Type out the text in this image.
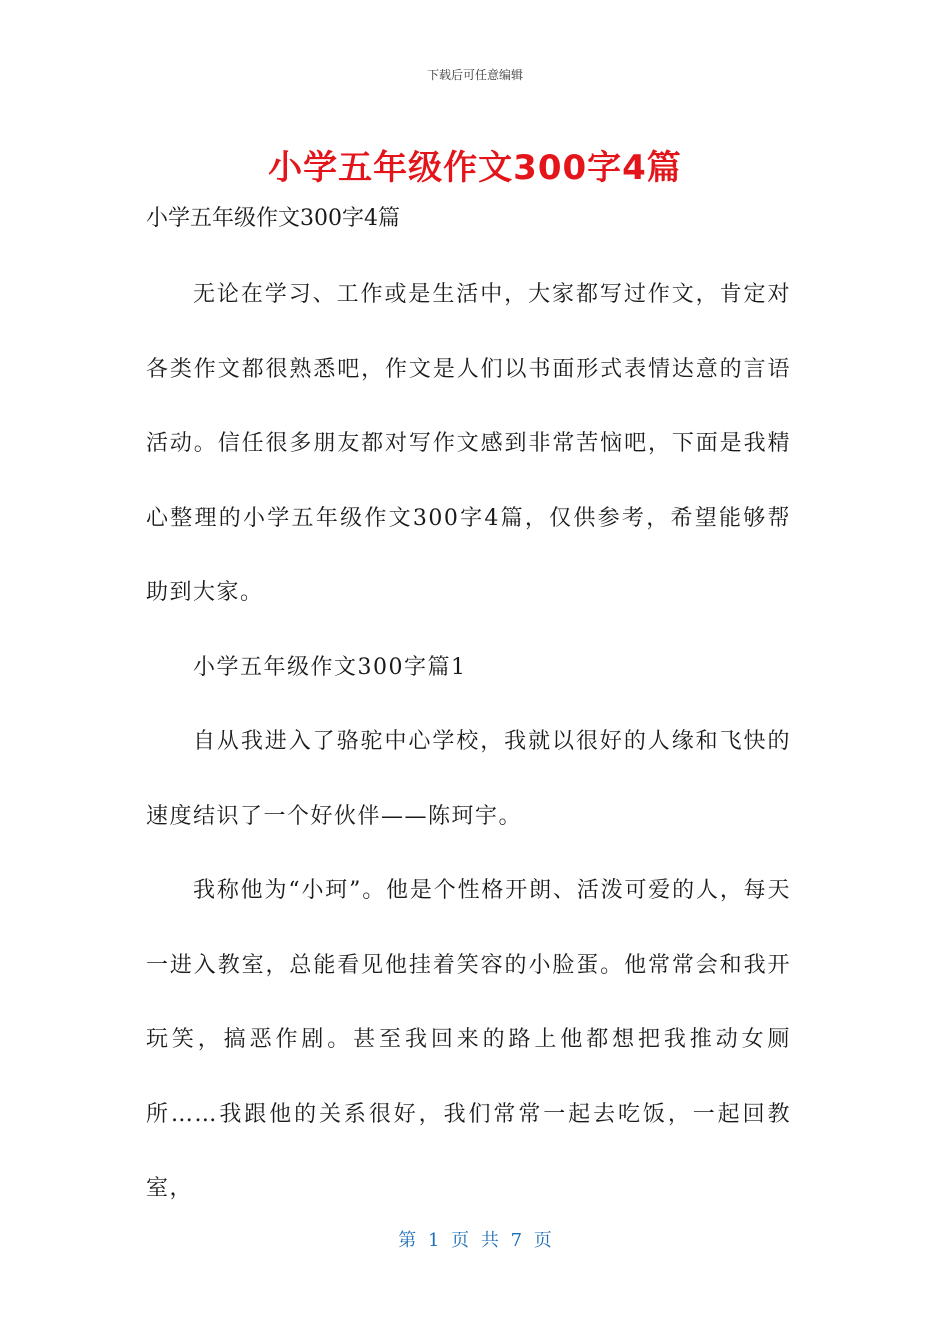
下载后可任意编辑
小学五年级作文300字4篇
小学五年级作文300字4篇

无论在学习、工作或是生活中，大家都写过作文，肯定对各类作文都很熟悉吧，作文是人们以书面形式表情达意的言语活动。信任很多朋友都对写作文感到非常苦恼吧，下面是我精心整理的小学五年级作文300字4篇，仅供参考，希望能够帮助到大家。

小学五年级作文300字篇1

自从我进入了骆驼中心学校，我就以很好的人缘和飞快的速度结识了一个好伙伴——陈珂宇。

我称他为“小珂”。他是个性格开朗、活泼可爱的人，每天一进入教室，总能看见他挂着笑容的小脸蛋。他常常会和我开玩笑，搞恶作剧。甚至我回来的路上他都想把我推动女厕所……我跟他的关系很好，我们常常一起去吃饭，一起回教室，

第 1 页 共 7 页
